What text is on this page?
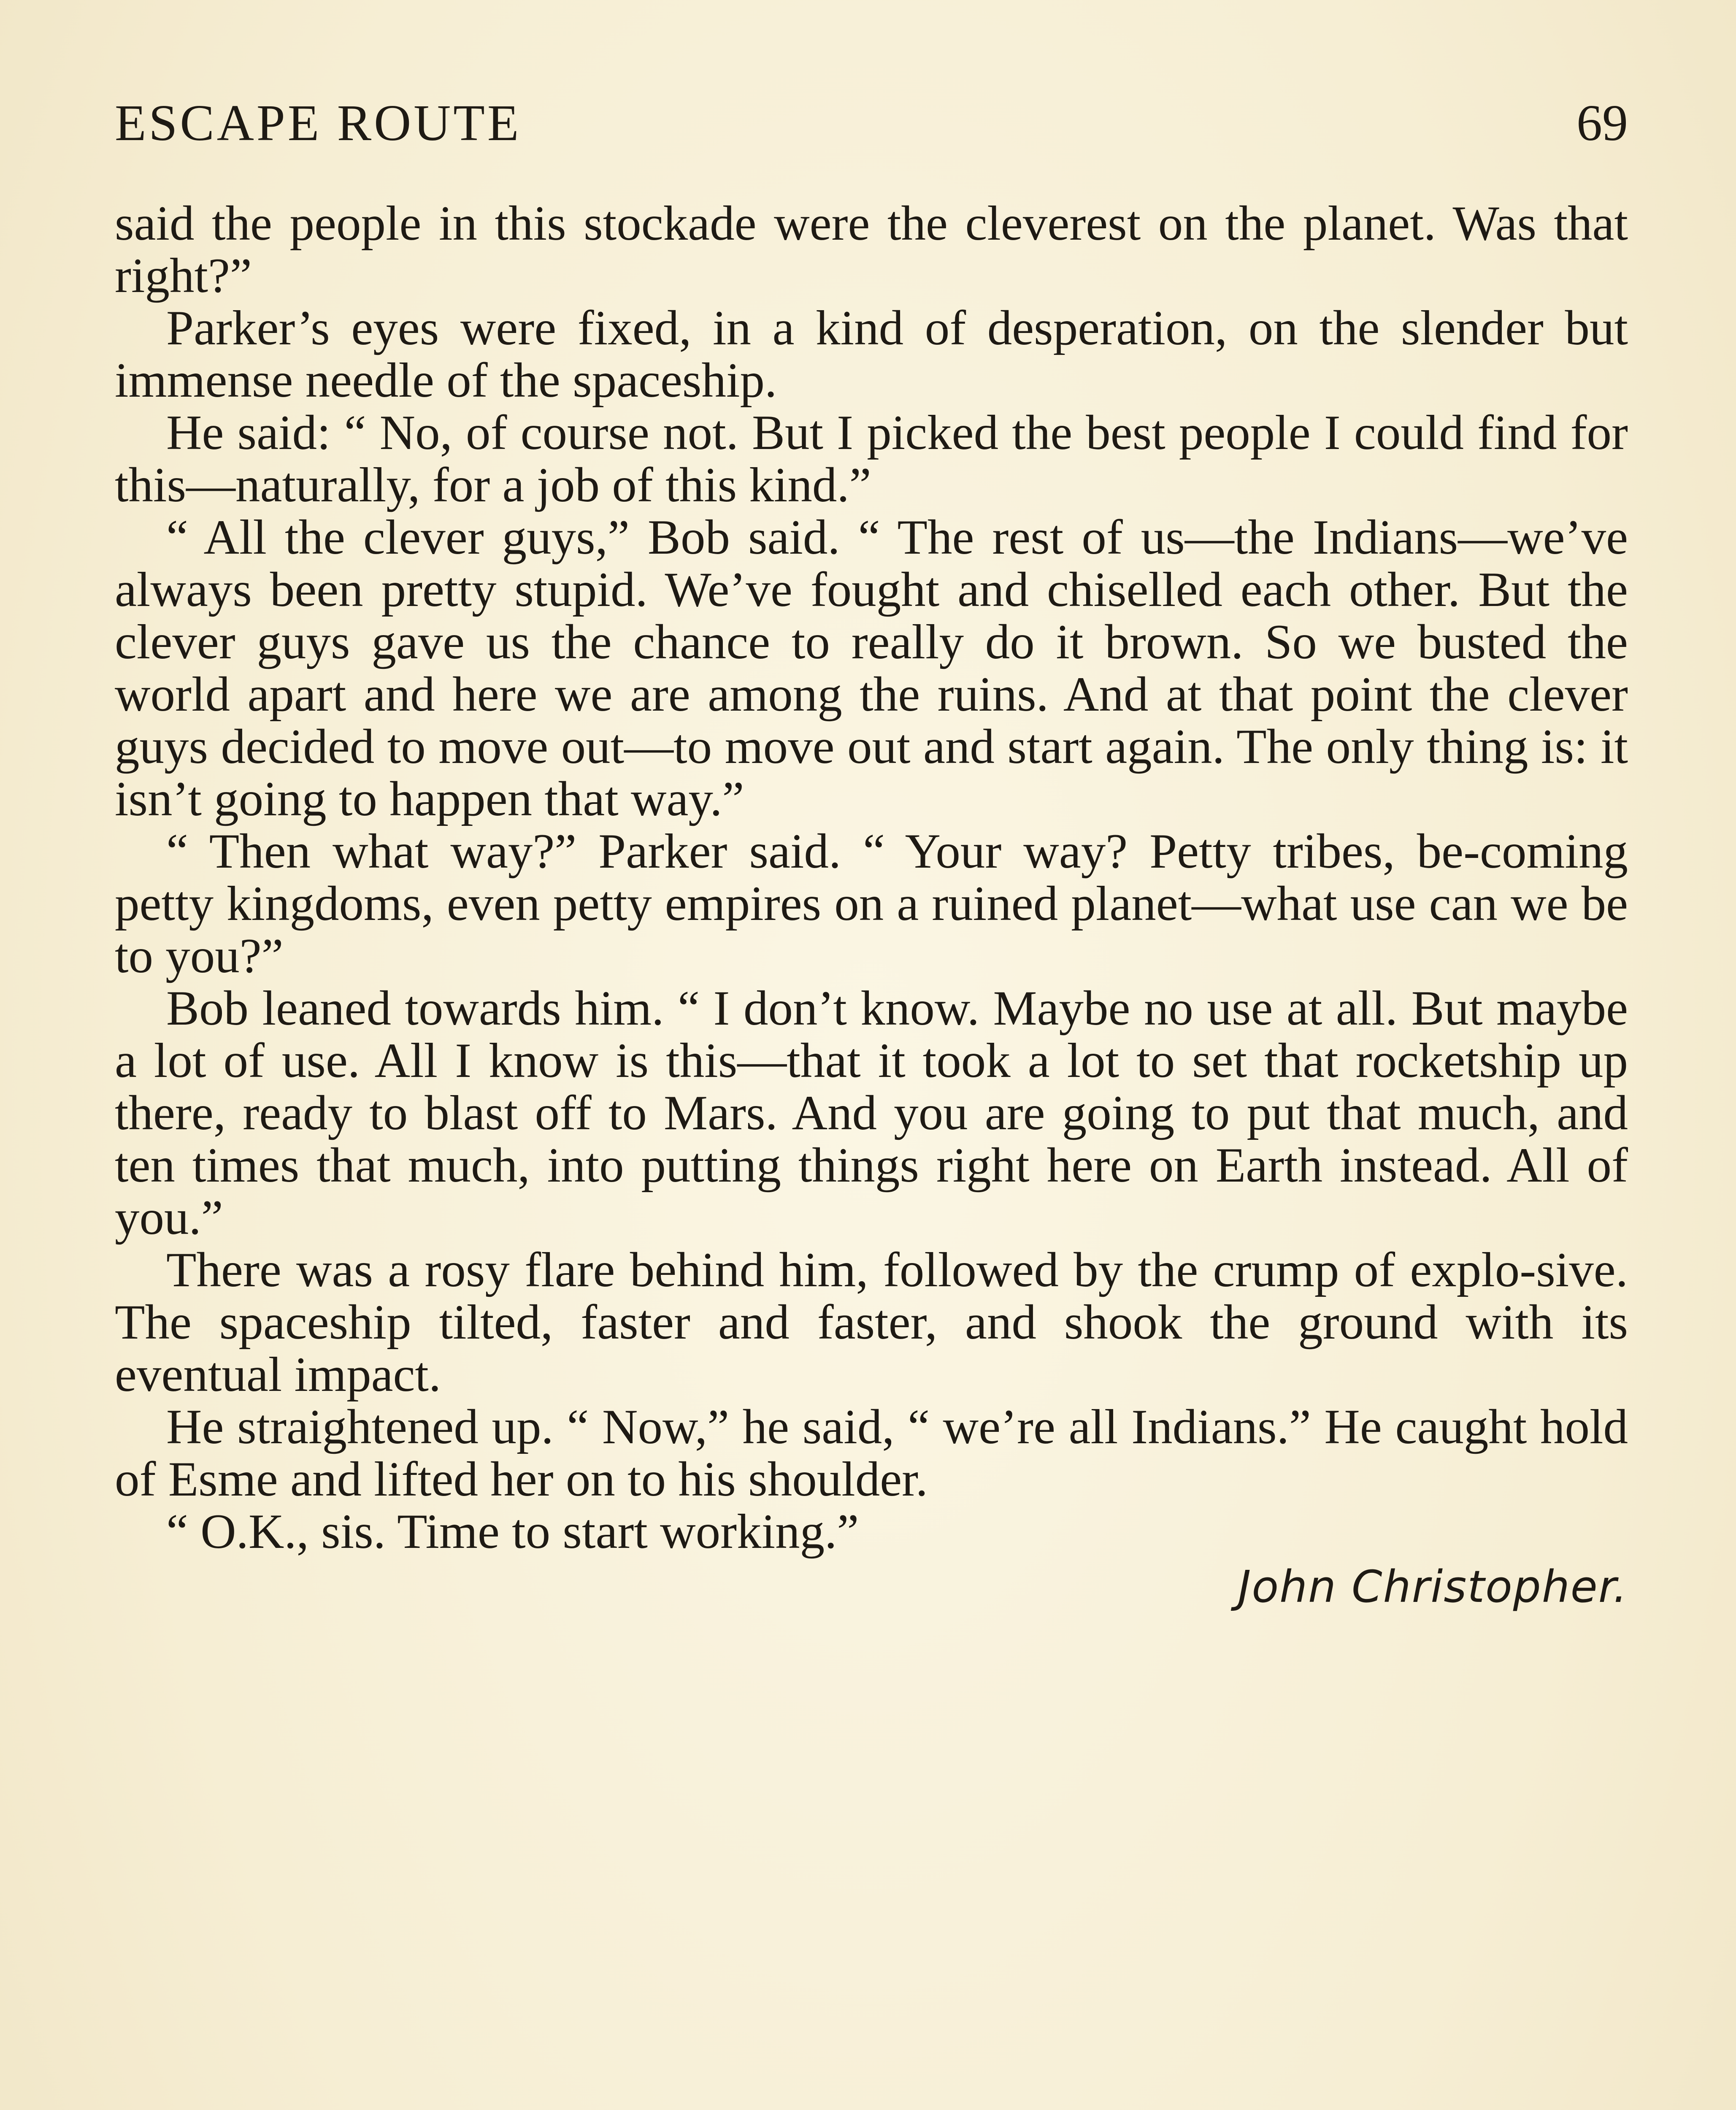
ESCAPE ROUTE	69

said the people in this stockade were the cleverest on the planet. Was that right?”

Parker’s eyes were fixed, in a kind of desperation, on the slender but immense needle of the spaceship.

He said: “ No, of course not. But I picked the best people I could find for this—naturally, for a job of this kind.”

“ All the clever guys,” Bob said. “ The rest of us—the Indians—we’ve always been pretty stupid. We’ve fought and chiselled each other. But the clever guys gave us the chance to really do it brown. So we busted the world apart and here we are among the ruins. And at that point the clever guys decided to move out—to move out and start again. The only thing is: it isn’t going to happen that way.”

“ Then what way?” Parker said. “ Your way? Petty tribes, be-coming petty kingdoms, even petty empires on a ruined planet—what use can we be to you?”

Bob leaned towards him. “ I don’t know. Maybe no use at all. But maybe a lot of use. All I know is this—that it took a lot to set that rocketship up there, ready to blast off to Mars. And you are going to put that much, and ten times that much, into putting things right here on Earth instead. All of you.”

There was a rosy flare behind him, followed by the crump of explo-sive. The spaceship tilted, faster and faster, and shook the ground with its eventual impact.

He straightened up. “ Now,” he said, “ we’re all Indians.” He caught hold of Esme and lifted her on to his shoulder.

“ O.K., sis. Time to start working.”

John Christopher.
